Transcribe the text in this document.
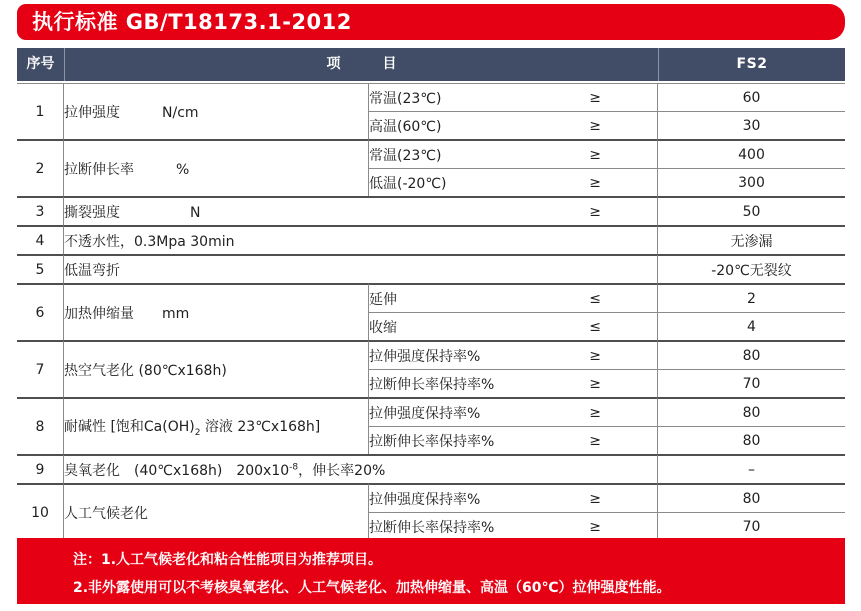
执行标准 GB/T18173.1-2012
序号	项　　　目	FS2
1	拉伸强度　　　N/cm	常温(23℃) ≥	60
		高温(60℃) ≥	30
2	拉断伸长率　　　%	常温(23℃) ≥	400
		低温(-20℃) ≥	300
3	撕裂强度　　　　　N ≥		50
4	不透水性，0.3Mpa 30min		无渗漏
5	低温弯折		-20℃无裂纹
6	加热伸缩量　　mm	延伸 ≤	2
		收缩 ≤	4
7	热空气老化 (80℃x168h)	拉伸强度保持率% ≥	80
		拉断伸长率保持率% ≥	70
8	耐碱性 [饱和$Ca(OH)_2$ 溶液 23℃x168h]	拉伸强度保持率% ≥	80
		拉断伸长率保持率% ≥	80
9	臭氧老化　(40℃x168h)　$200x10^{-8}$，伸长率20%		–
10	人工气候老化	拉伸强度保持率% ≥	80
		拉断伸长率保持率% ≥	70
注：1.人工气候老化和粘合性能项目为推荐项目。
2.非外露使用可以不考核臭氧老化、人工气候老化、加热伸缩量、高温（60℃）拉伸强度性能。
